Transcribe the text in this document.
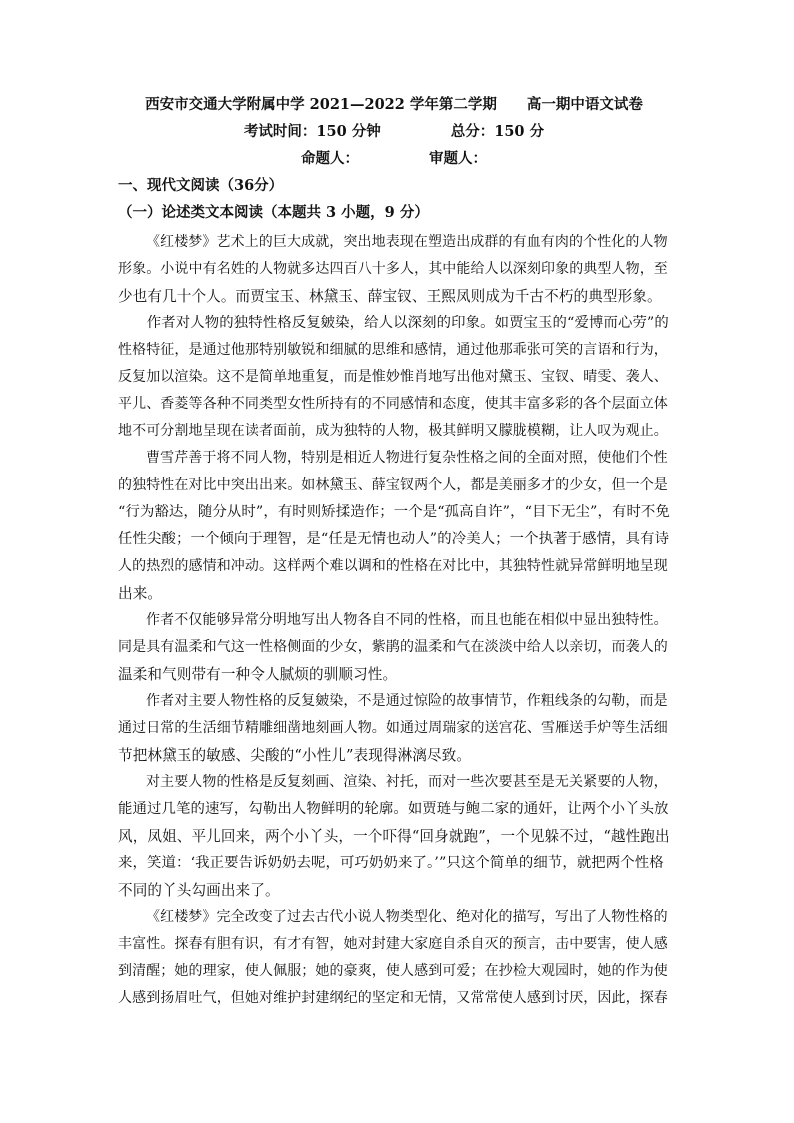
西安市交通大学附属中学 2021—2022 学年第二学期 高一期中语文试卷
考试时间：150 分钟	总分：150 分
命题人：	审题人：
一、现代文阅读（36分）
（一）论述类文本阅读（本题共 3 小题，9 分）
《红楼梦》艺术上的巨大成就，突出地表现在塑造出成群的有血有肉的个性化的人物
形象。小说中有名姓的人物就多达四百八十多人，其中能给人以深刻印象的典型人物，至
少也有几十个人。而贾宝玉、林黛玉、薛宝钗、王熙凤则成为千古不朽的典型形象。
作者对人物的独特性格反复皴染，给人以深刻的印象。如贾宝玉的“爱博而心劳”的
性格特征，是通过他那特别敏锐和细腻的思维和感情，通过他那乖张可笑的言语和行为，
反复加以渲染。这不是简单地重复，而是惟妙惟肖地写出他对黛玉、宝钗、晴雯、袭人、
平儿、香菱等各种不同类型女性所持有的不同感情和态度，使其丰富多彩的各个层面立体
地不可分割地呈现在读者面前，成为独特的人物，极其鲜明又朦胧模糊，让人叹为观止。
曹雪芹善于将不同人物，特别是相近人物进行复杂性格之间的全面对照，使他们个性
的独特性在对比中突出出来。如林黛玉、薛宝钗两个人，都是美丽多才的少女，但一个是
“行为豁达，随分从时”，有时则矫揉造作；一个是“孤高自许”，“目下无尘”，有时不免
任性尖酸；一个倾向于理智，是“任是无情也动人”的冷美人；一个执著于感情，具有诗
人的热烈的感情和冲动。这样两个难以调和的性格在对比中，其独特性就异常鲜明地呈现
出来。
作者不仅能够异常分明地写出人物各自不同的性格，而且也能在相似中显出独特性。
同是具有温柔和气这一性格侧面的少女，紫鹃的温柔和气在淡淡中给人以亲切，而袭人的
温柔和气则带有一种令人腻烦的驯顺习性。
作者对主要人物性格的反复皴染，不是通过惊险的故事情节，作粗线条的勾勒，而是
通过日常的生活细节精雕细凿地刻画人物。如通过周瑞家的送宫花、雪雁送手炉等生活细
节把林黛玉的敏感、尖酸的“小性儿”表现得淋漓尽致。
对主要人物的性格是反复刻画、渲染、衬托，而对一些次要甚至是无关紧要的人物，
能通过几笔的速写，勾勒出人物鲜明的轮廓。如贾琏与鲍二家的通奸，让两个小丫头放
风，凤姐、平儿回来，两个小丫头，一个吓得“回身就跑”，一个见躲不过，“越性跑出
来，笑道：‘我正要告诉奶奶去呢，可巧奶奶来了。’”只这个简单的细节，就把两个性格
不同的丫头勾画出来了。
《红楼梦》完全改变了过去古代小说人物类型化、绝对化的描写，写出了人物性格的
丰富性。探春有胆有识，有才有智，她对封建大家庭自杀自灭的预言，击中要害，使人感
到清醒；她的理家，使人佩服；她的豪爽，使人感到可爱；在抄检大观园时，她的作为使
人感到扬眉吐气，但她对维护封建纲纪的坚定和无情，又常常使人感到讨厌，因此，探春
